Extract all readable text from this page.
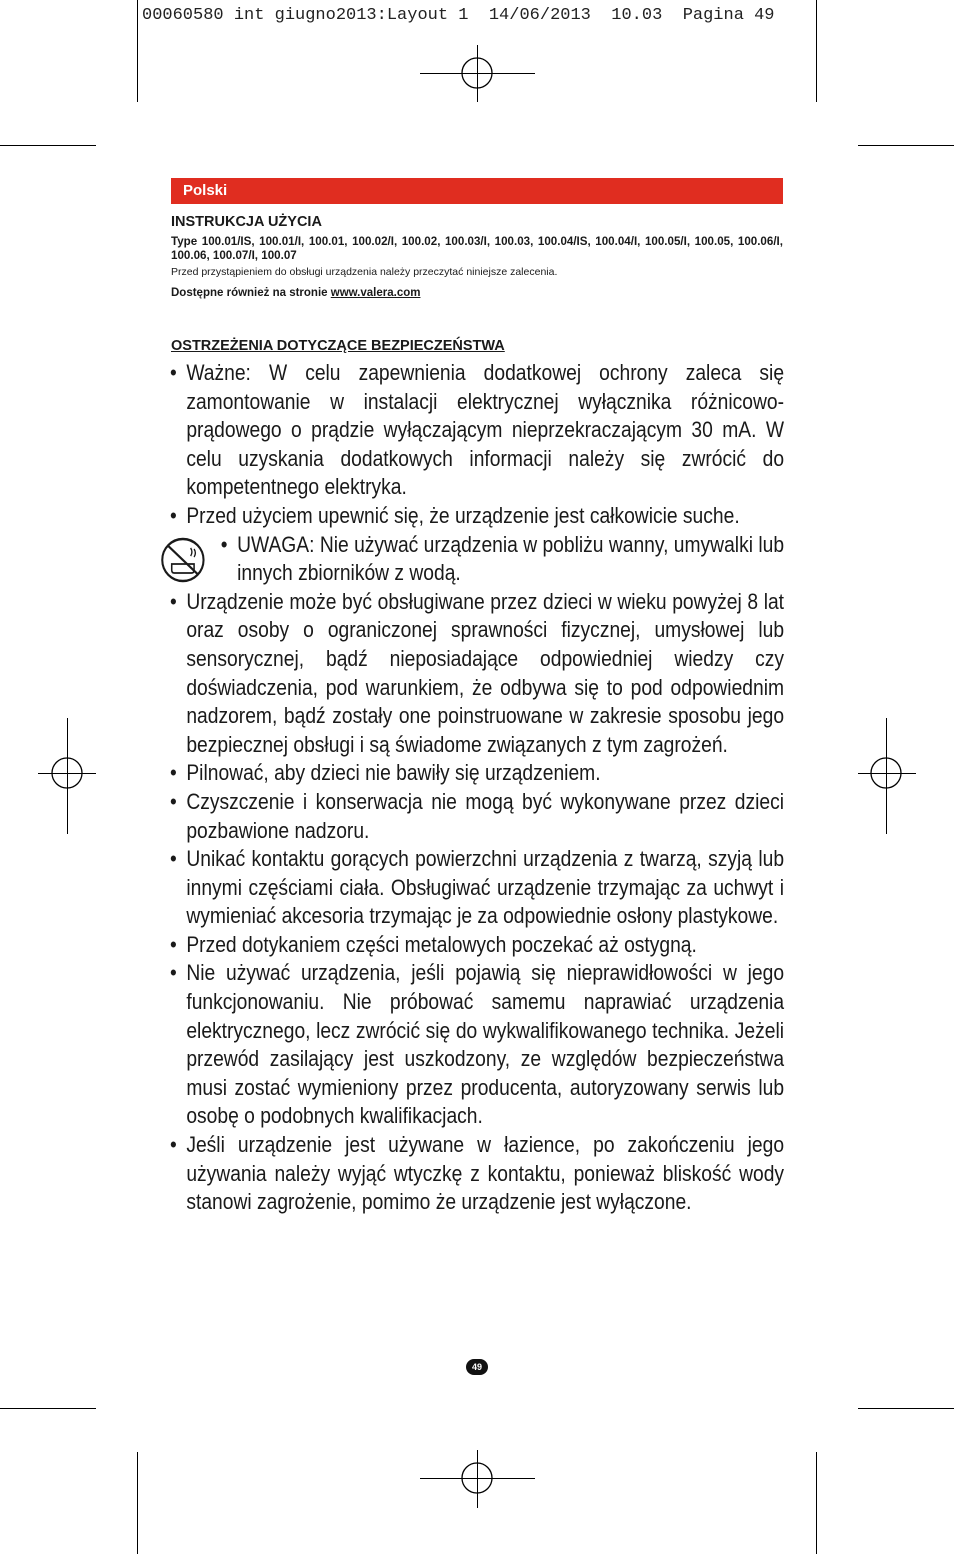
00060580 int giugno2013:Layout 1  14/06/2013  10.03  Pagina 49
Polski
INSTRUKCJA UŻYCIA
Type 100.01/IS, 100.01/I, 100.01, 100.02/I, 100.02, 100.03/I, 100.03, 100.04/IS, 100.04/I, 100.05/I, 100.05, 100.06/I, 100.06, 100.07/I, 100.07
Przed przystąpieniem do obsługi urządzenia należy przeczytać niniejsze zalecenia.
Dostępne również na stronie www.valera.com
OSTRZEŻENIA DOTYCZĄCE BEZPIECZEŃSTWA
• Ważne: W celu zapewnienia dodatkowej ochrony zaleca się zamontowanie w instalacji elektrycznej wyłącznika różnicowo-prądowego o prądzie wyłączającym nieprzekraczającym 30 mA. W celu uzyskania dodatkowych informacji należy się zwrócić do kompetentnego elektryka.
• Przed użyciem upewnić się, że urządzenie jest całkowicie suche.
• UWAGA: Nie używać urządzenia w pobliżu wanny, umywalki lub innych zbiorników z wodą.
• Urządzenie może być obsługiwane przez dzieci w wieku powyżej 8 lat oraz osoby o ograniczonej sprawności fizycznej, umysłowej lub sensorycznej, bądź nieposiadające odpowiedniej wiedzy czy doświadczenia, pod warunkiem, że odbywa się to pod odpowiednim nadzorem, bądź zostały one poinstruowane w zakresie sposobu jego bezpiecznej obsługi i są świadome związanych z tym zagrożeń.
• Pilnować, aby dzieci nie bawiły się urządzeniem.
• Czyszczenie i konserwacja nie mogą być wykonywane przez dzieci pozbawione nadzoru.
• Unikać kontaktu gorących powierzchni urządzenia z twarzą, szyją lub innymi częściami ciała. Obsługiwać urządzenie trzymając za uchwyt i wymieniać akcesoria trzymając je za odpowiednie osłony plastykowe.
• Przed dotykaniem części metalowych poczekać aż ostygną.
• Nie używać urządzenia, jeśli pojawią się nieprawidłowości w jego funkcjonowaniu. Nie próbować samemu naprawiać urządzenia elektrycznego, lecz zwrócić się do wykwalifikowanego technika. Jeżeli przewód zasilający jest uszkodzony, ze względów bezpieczeństwa musi zostać wymieniony przez producenta, autoryzowany serwis lub osobę o podobnych kwalifikacjach.
• Jeśli urządzenie jest używane w łazience, po zakończeniu jego używania należy wyjąć wtyczkę z kontaktu, ponieważ bliskość wody stanowi zagrożenie, pomimo że urządzenie jest wyłączone.
49
